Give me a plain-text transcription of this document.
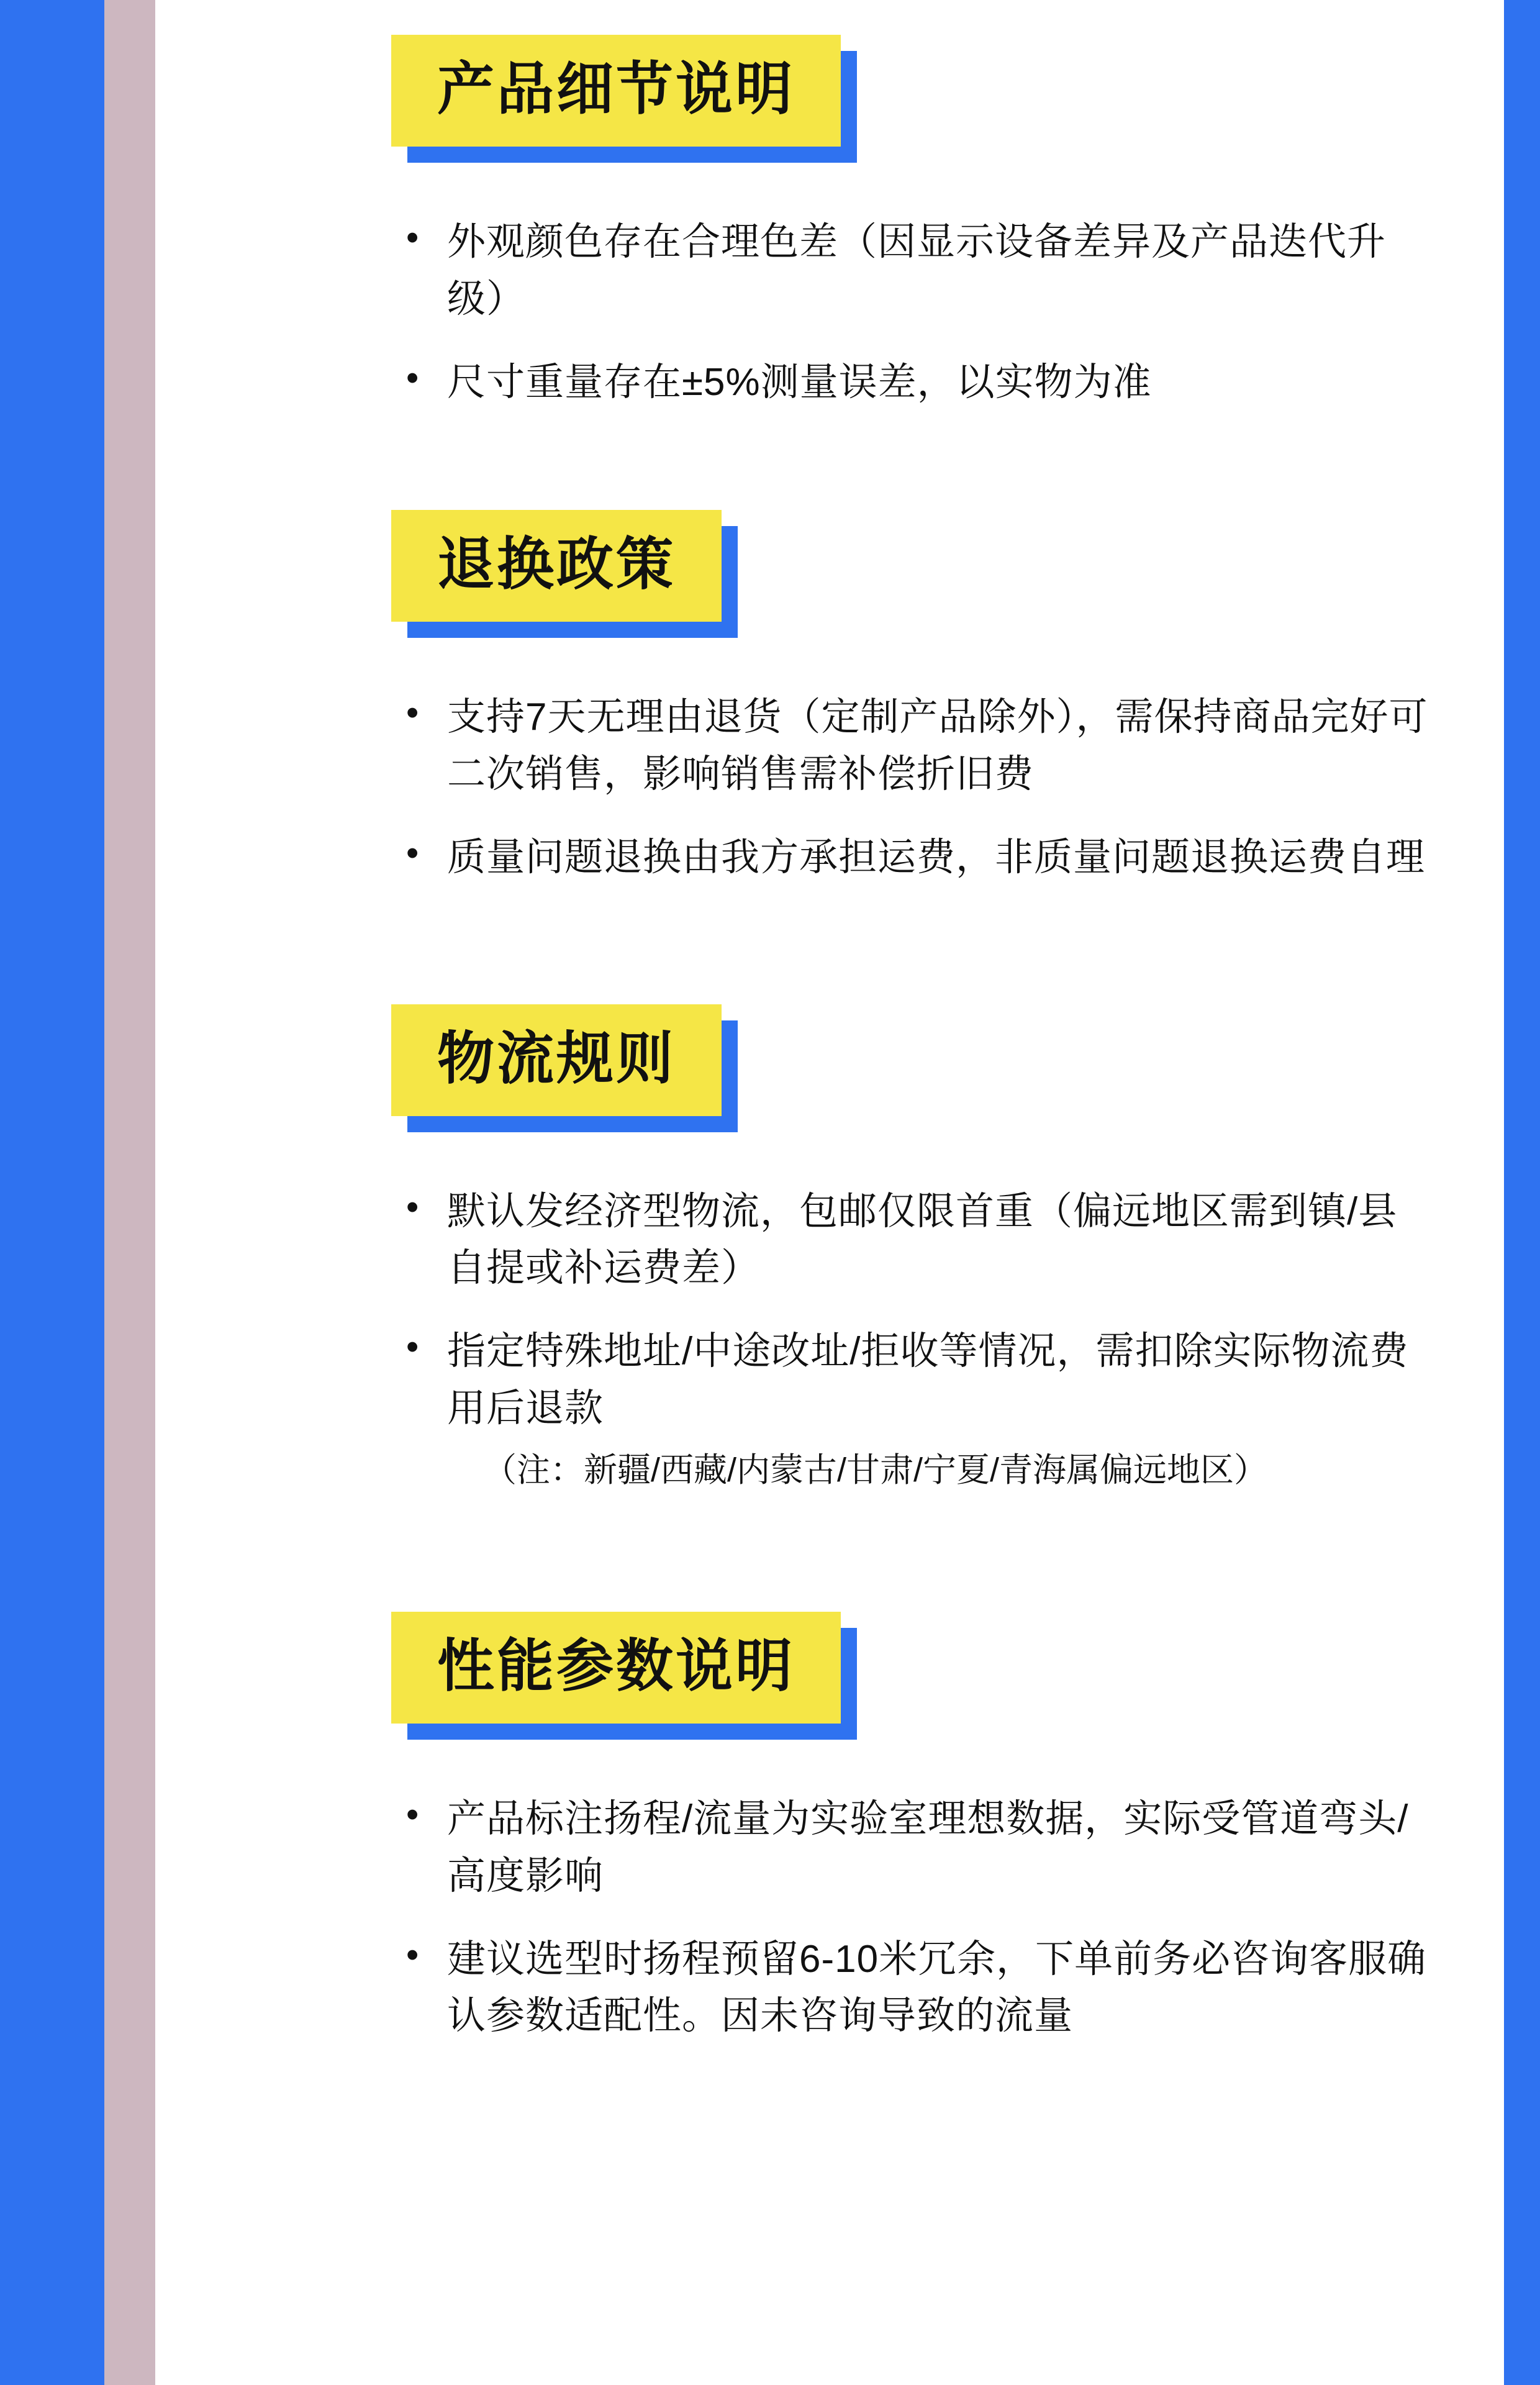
产品细节说明
• 外观颜色存在合理色差（因显示设备差异及产品迭代升级）
• 尺寸重量存在±5%测量误差，以实物为准
退换政策
• 支持7天无理由退货（定制产品除外），需保持商品完好可二次销售，影响销售需补偿折旧费
• 质量问题退换由我方承担运费，非质量问题退换运费自理
物流规则
• 默认发经济型物流，包邮仅限首重（偏远地区需到镇/县自提或补运费差）
• 指定特殊地址/中途改址/拒收等情况，需扣除实际物流费用后退款
（注：新疆/西藏/内蒙古/甘肃/宁夏/青海属偏远地区）
性能参数说明
• 产品标注扬程/流量为实验室理想数据，实际受管道弯头/高度影响
• 建议选型时扬程预留6-10米冗余，下单前务必咨询客服确认参数适配性。因未咨询导致的流量
